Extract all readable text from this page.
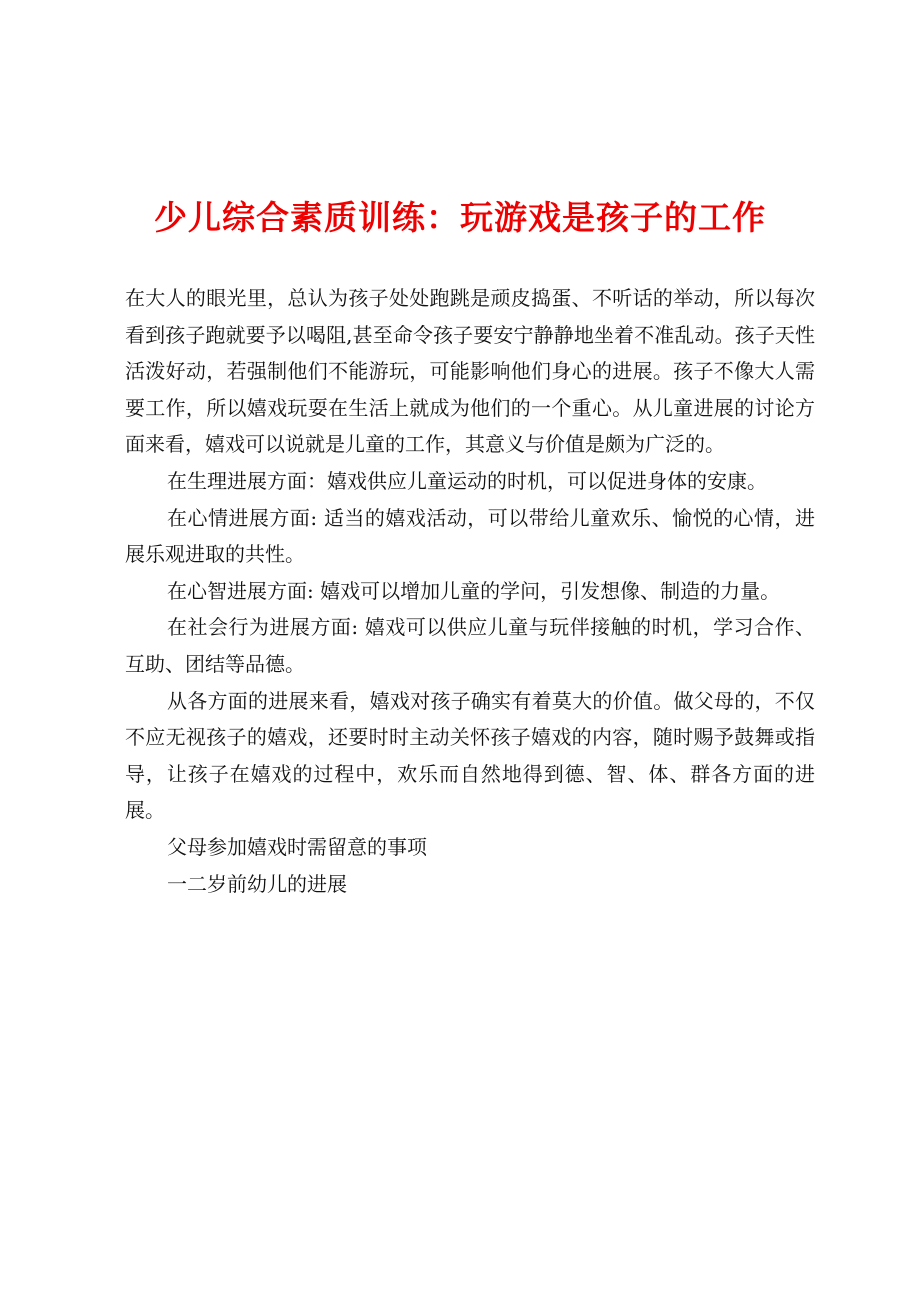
少儿综合素质训练：玩游戏是孩子的工作

在大人的眼光里，总认为孩子处处跑跳是顽皮捣蛋、不听话的举动，所以每次看到孩子跑就要予以喝阻,甚至命令孩子要安宁静静地坐着不准乱动。孩子天性活泼好动，若强制他们不能游玩，可能影响他们身心的进展。孩子不像大人需要工作，所以嬉戏玩耍在生活上就成为他们的一个重心。从儿童进展的讨论方面来看，嬉戏可以说就是儿童的工作，其意义与价值是颇为广泛的。

在生理进展方面：嬉戏供应儿童运动的时机，可以促进身体的安康。

在心情进展方面: 适当的嬉戏活动，可以带给儿童欢乐、愉悦的心情，进展乐观进取的共性。

在心智进展方面: 嬉戏可以增加儿童的学问，引发想像、制造的力量。

在社会行为进展方面: 嬉戏可以供应儿童与玩伴接触的时机，学习合作、互助、团结等品德。

从各方面的进展来看，嬉戏对孩子确实有着莫大的价值。做父母的，不仅不应无视孩子的嬉戏，还要时时主动关怀孩子嬉戏的内容，随时赐予鼓舞或指导，让孩子在嬉戏的过程中，欢乐而自然地得到德、智、体、群各方面的进展。

父母参加嬉戏时需留意的事项

一二岁前幼儿的进展
